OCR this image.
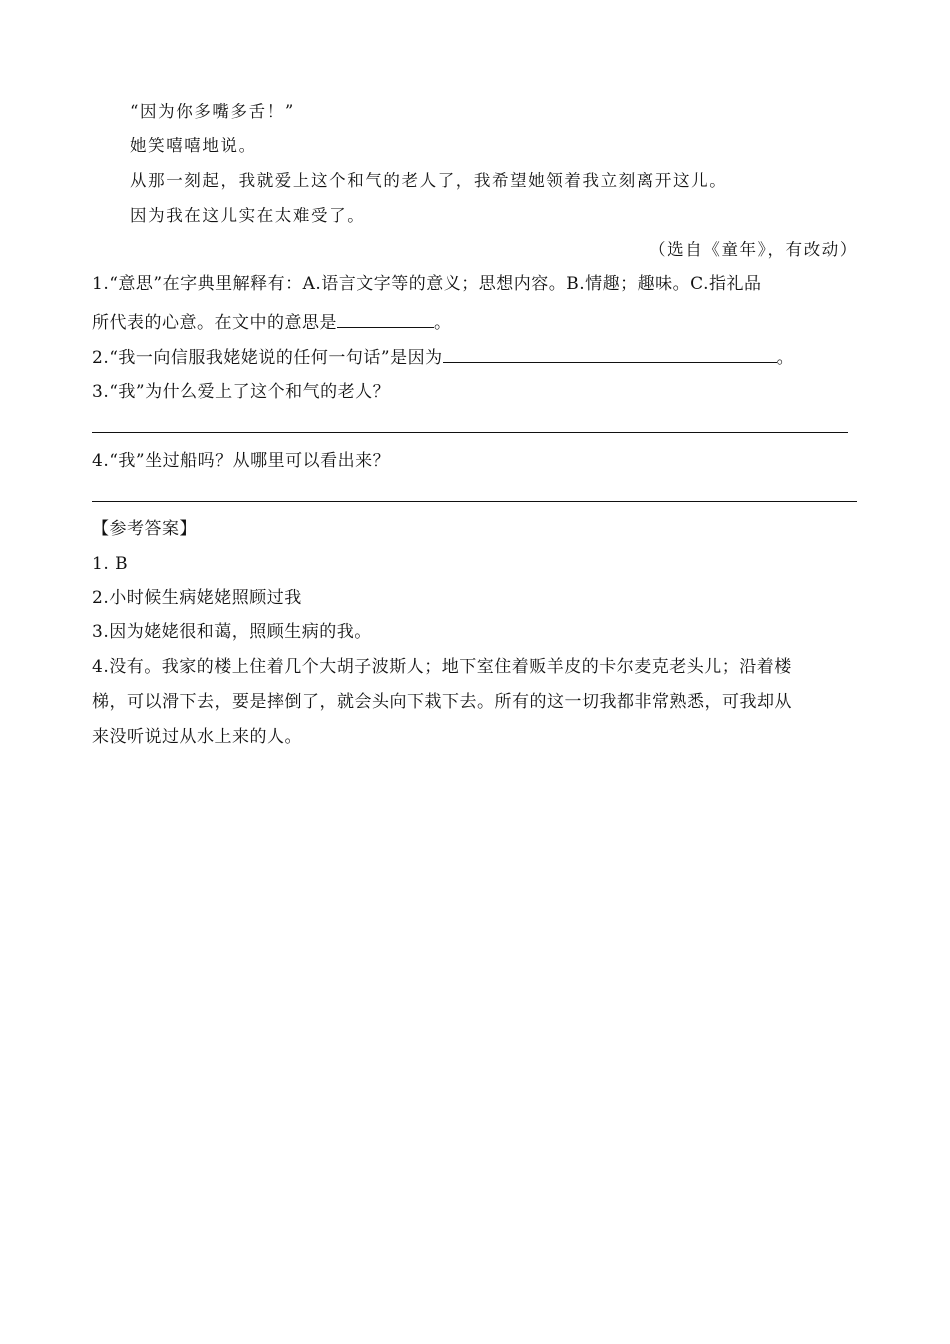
“因为你多嘴多舌！”
她笑嘻嘻地说。
从那一刻起，我就爱上这个和气的老人了，我希望她领着我立刻离开这儿。
因为我在这儿实在太难受了。
（选自《童年》，有改动）
1.“意思”在字典里解释有：A.语言文字等的意义；思想内容。B.情趣；趣味。C.指礼品
所代表的心意。在文中的意思是	。
2.“我一向信服我姥姥说的任何一句话”是因为	。
3.“我”为什么爱上了这个和气的老人？
4.“我”坐过船吗？从哪里可以看出来？
【参考答案】
1. B
2.小时候生病姥姥照顾过我
3.因为姥姥很和蔼，照顾生病的我。
4.没有。我家的楼上住着几个大胡子波斯人；地下室住着贩羊皮的卡尔麦克老头儿；沿着楼
梯，可以滑下去，要是摔倒了，就会头向下栽下去。所有的这一切我都非常熟悉，可我却从
来没听说过从水上来的人。
